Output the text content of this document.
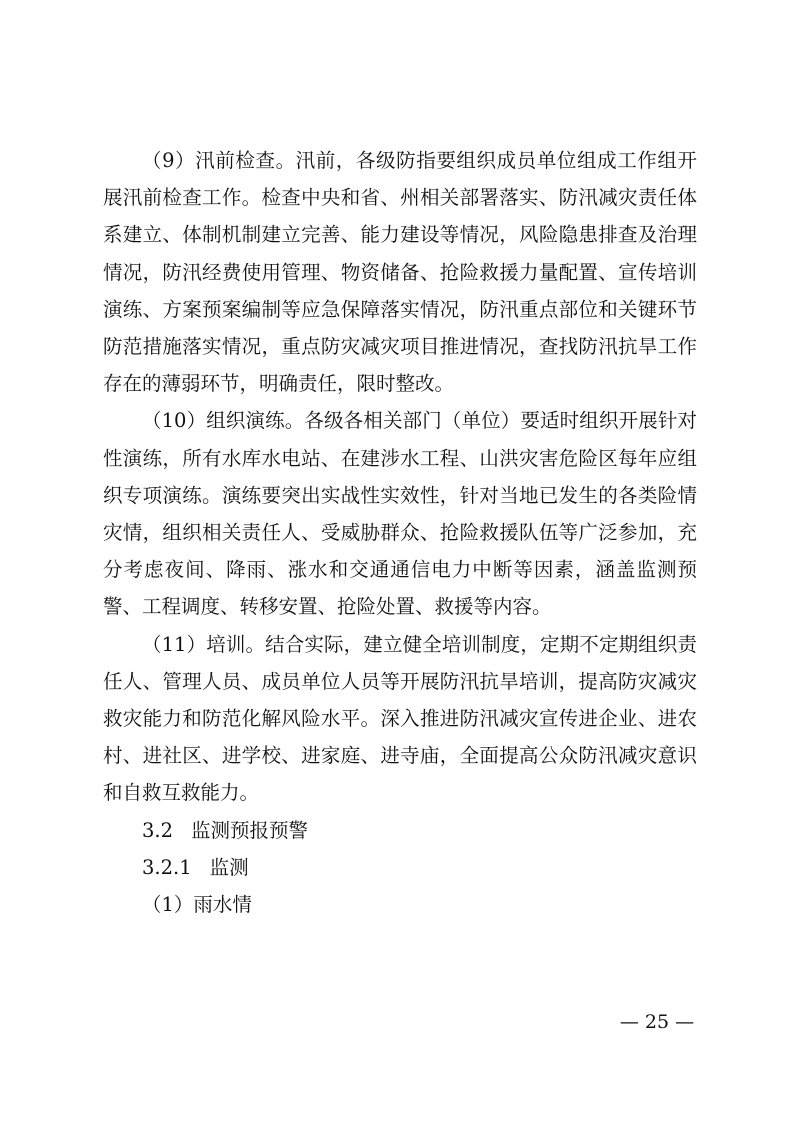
（9）汛前检查。汛前，各级防指要组织成员单位组成工作组开展汛前检查工作。检查中央和省、州相关部署落实、防汛减灾责任体系建立、体制机制建立完善、能力建设等情况，风险隐患排查及治理情况，防汛经费使用管理、物资储备、抢险救援力量配置、宣传培训演练、方案预案编制等应急保障落实情况，防汛重点部位和关键环节防范措施落实情况，重点防灾减灾项目推进情况，查找防汛抗旱工作存在的薄弱环节，明确责任，限时整改。

（10）组织演练。各级各相关部门（单位）要适时组织开展针对性演练，所有水库水电站、在建涉水工程、山洪灾害危险区每年应组织专项演练。演练要突出实战性实效性，针对当地已发生的各类险情灾情，组织相关责任人、受威胁群众、抢险救援队伍等广泛参加，充分考虑夜间、降雨、涨水和交通通信电力中断等因素，涵盖监测预警、工程调度、转移安置、抢险处置、救援等内容。

（11）培训。结合实际，建立健全培训制度，定期不定期组织责任人、管理人员、成员单位人员等开展防汛抗旱培训，提高防灾减灾救灾能力和防范化解风险水平。深入推进防汛减灾宣传进企业、进农村、进社区、进学校、进家庭、进寺庙，全面提高公众防汛减灾意识和自救互救能力。

3.2 监测预报预警

3.2.1 监测

（1）雨水情

— 25 —
